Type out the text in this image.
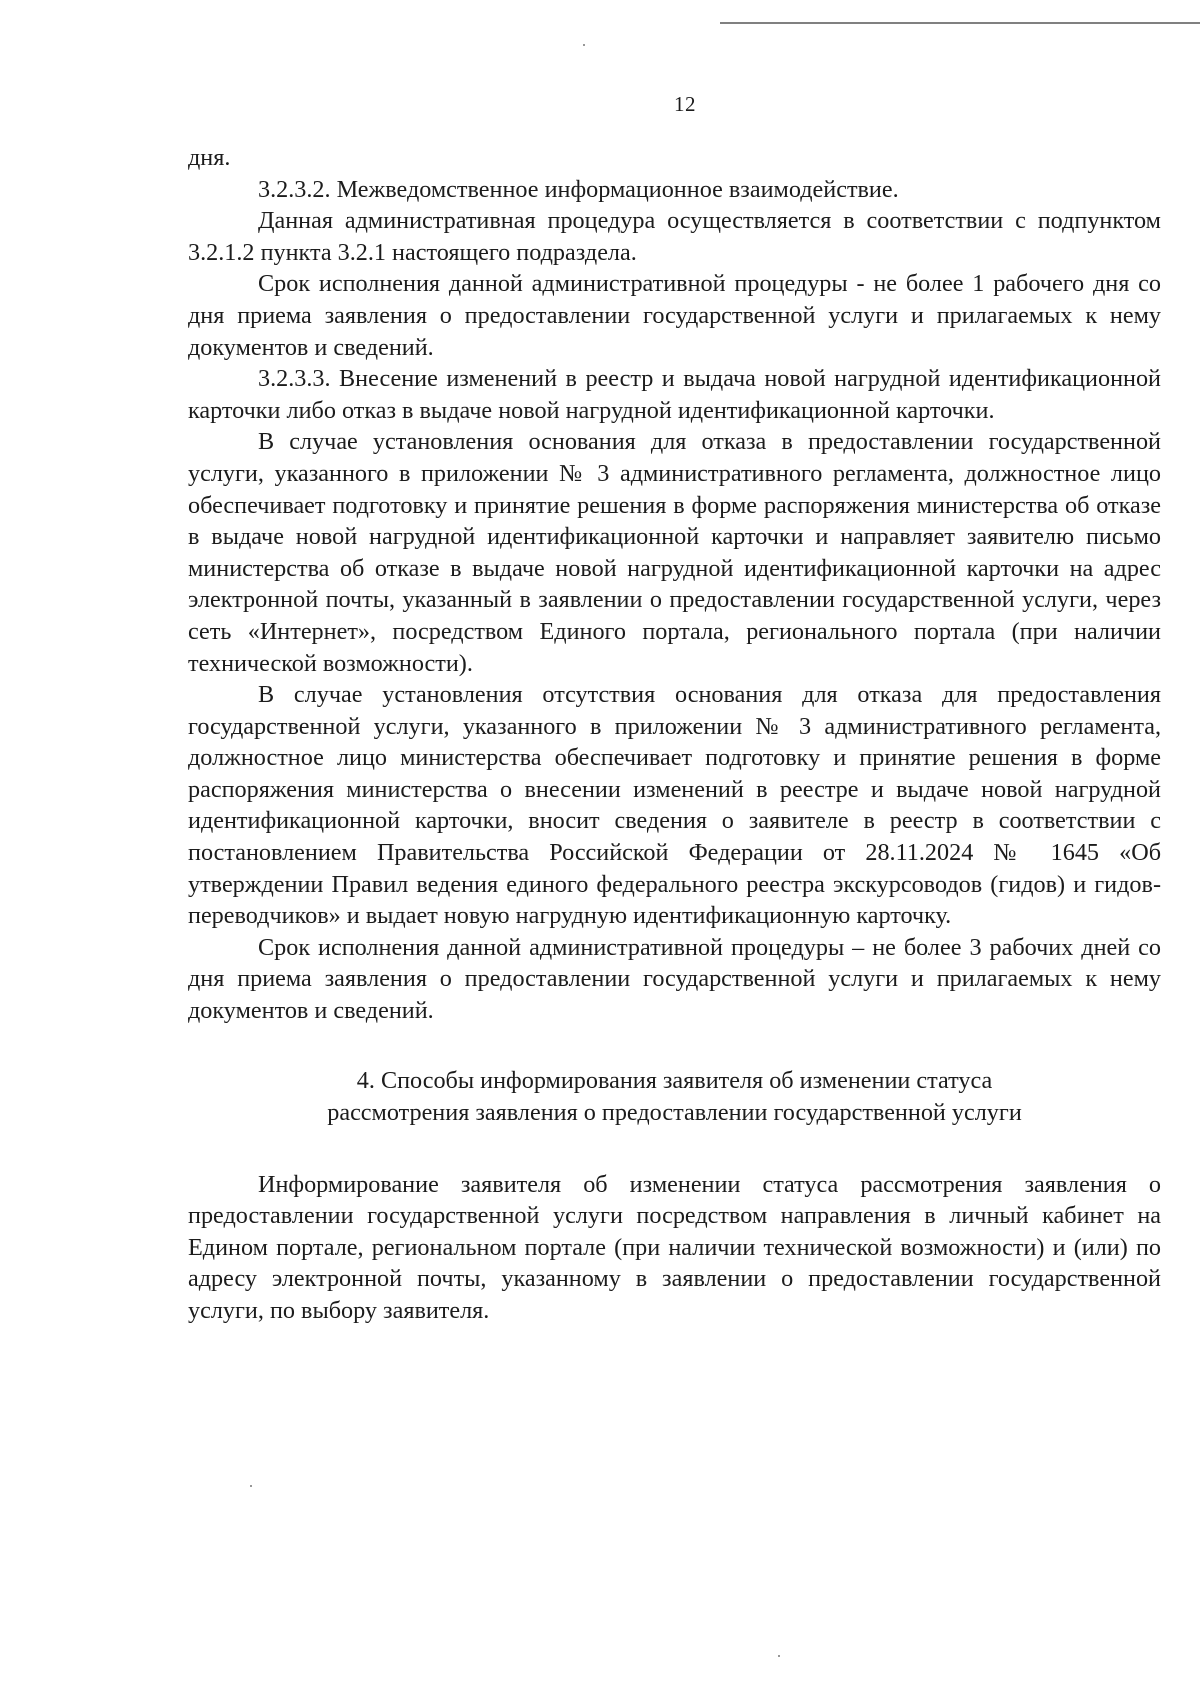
12

дня.

3.2.3.2. Межведомственное информационное взаимодействие.

Данная административная процедура осуществляется в соответствии с подпунктом 3.2.1.2 пункта 3.2.1 настоящего подраздела.

Срок исполнения данной административной процедуры - не более 1 рабочего дня со дня приема заявления о предоставлении государственной услуги и прилагаемых к нему документов и сведений.

3.2.3.3. Внесение изменений в реестр и выдача новой нагрудной идентификационной карточки либо отказ в выдаче новой нагрудной идентификационной карточки.

В случае установления основания для отказа в предоставлении государственной услуги, указанного в приложении № 3 административного регламента, должностное лицо обеспечивает подготовку и принятие решения в форме распоряжения министерства об отказе в выдаче новой нагрудной идентификационной карточки и направляет заявителю письмо министерства об отказе в выдаче новой нагрудной идентификационной карточки на адрес электронной почты, указанный в заявлении о предоставлении государственной услуги, через сеть «Интернет», посредством Единого портала, регионального портала (при наличии технической возможности).

В случае установления отсутствия основания для отказа для предоставления государственной услуги, указанного в приложении № 3 административного регламента, должностное лицо министерства обеспечивает подготовку и принятие решения в форме распоряжения министерства о внесении изменений в реестре и выдаче новой нагрудной идентификационной карточки, вносит сведения о заявителе в реестр в соответствии с постановлением Правительства Российской Федерации от 28.11.2024 № 1645 «Об утверждении Правил ведения единого федерального реестра экскурсоводов (гидов) и гидов-переводчиков» и выдает новую нагрудную идентификационную карточку.

Срок исполнения данной административной процедуры – не более 3 рабочих дней со дня приема заявления о предоставлении государственной услуги и прилагаемых к нему документов и сведений.

4. Способы информирования заявителя об изменении статуса
рассмотрения заявления о предоставлении государственной услуги

Информирование заявителя об изменении статуса рассмотрения заявления о предоставлении государственной услуги посредством направления в личный кабинет на Едином портале, региональном портале (при наличии технической возможности) и (или) по адресу электронной почты, указанному в заявлении о предоставлении государственной услуги, по выбору заявителя.
